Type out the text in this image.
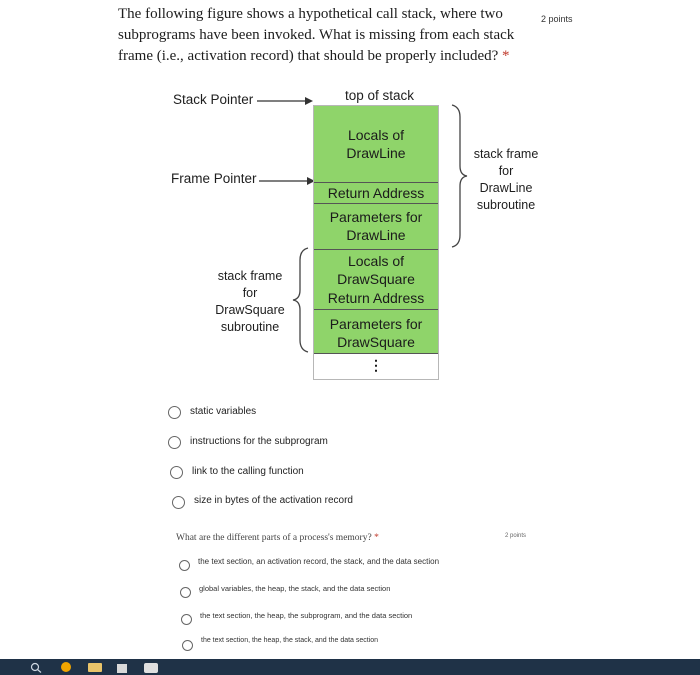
The following figure shows a hypothetical call stack, where two subprograms have been invoked. What is missing from each stack frame (i.e., activation record) that should be properly included? *
2 points
Stack Pointer	top of stack
Frame Pointer
Locals of
DrawLine
Return Address
Parameters for
DrawLine
Locals of
DrawSquare
Return Address
Parameters for
DrawSquare
⋮
stack frame
for
DrawLine
subroutine
stack frame
for
DrawSquare
subroutine
static variables
instructions for the subprogram
link to the calling function
size in bytes of the activation record
What are the different parts of a process's memory? *	2 points
the text section, an activation record, the stack, and the data section
global variables, the heap, the stack, and the data section
the text section, the heap, the subprogram, and the data section
the text section, the heap, the stack, and the data section
